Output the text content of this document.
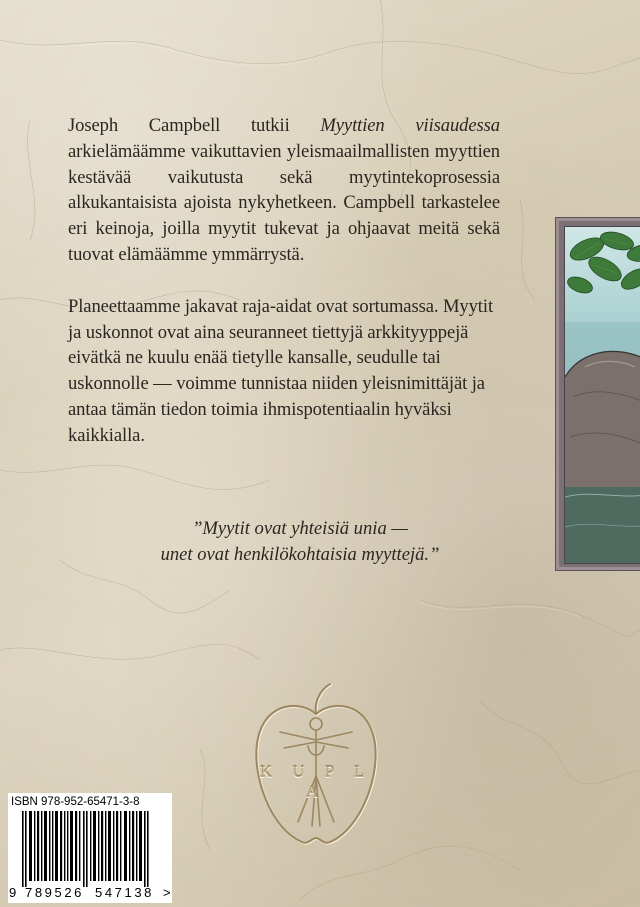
Joseph Campbell tutkii Myyttien viisaudessa arkielämäämme vaikuttavien yleismaailmallisten myyttien kestävää vaikutusta sekä myytintekoprosessia alkukantaisista ajoista nykyhetkeen. Campbell tarkastelee eri keinoja, joilla myytit tukevat ja ohjaavat meitä sekä tuovat elämäämme ymmärrystä.

Planeettaamme jakavat raja-aidat ovat sortumassa. Myytit ja uskonnot ovat aina seuranneet tiettyjä arkkityyppejä eivätkä ne kuulu enää tietylle kansalle, seudulle tai uskonnolle — voimme tunnistaa niiden yleisnimittäjät ja antaa tämän tiedon toimia ihmispotentiaalin hyväksi kaikkialla.

”Myytit ovat yhteisiä unia —
unet ovat henkilökohtaisia myyttejä.”
K U P L A
ISBN 978-952-65471-3-8
9 789526 547138 >
